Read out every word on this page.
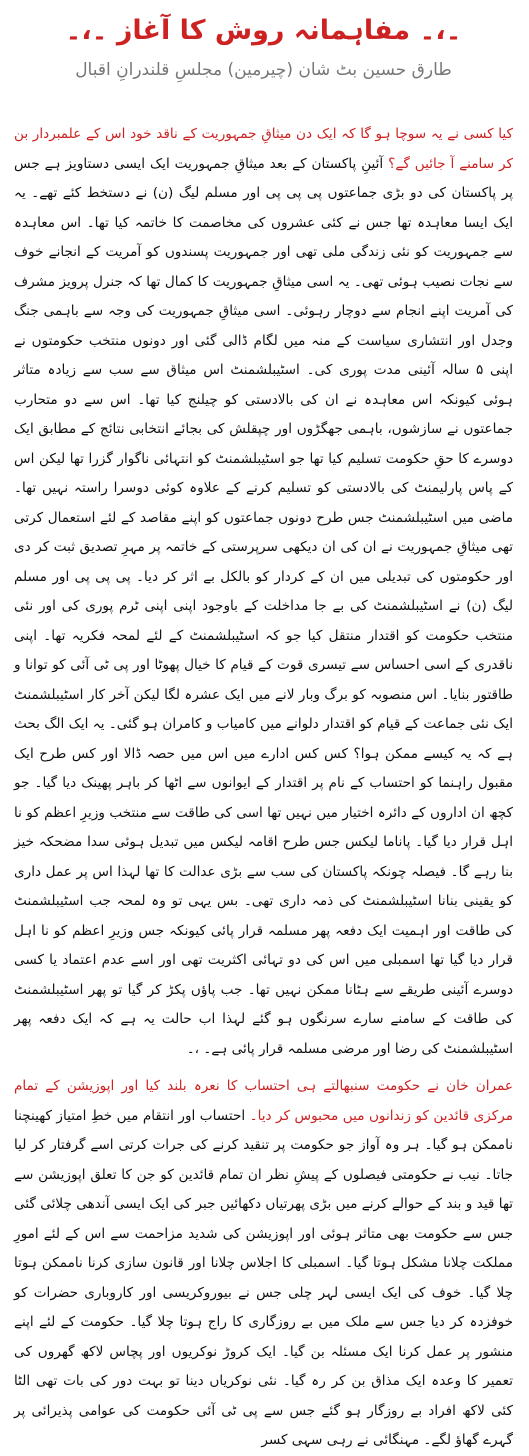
۔،۔ مفاہمانہ روش کا آغاز ۔،۔
طارق حسین بٹ شان (چیرمین) مجلسِ قلندرانِ اقبال

کیا کسی نے یہ سوچا ہو گا کہ ایک دن میثاقِ جمہوریت کے ناقد خود اس کے علمبردار بن کر سامنے آ جائیں گے؟ آئینِ پاکستان کے بعد میثاقِ جمہوریت ایک ایسی دستاویز ہے جس پر پاکستان کی دو بڑی جماعتوں پی پی پی اور مسلم لیگ (ن) نے دستخط کئے تھے۔ یہ ایک ایسا معاہدہ تھا جس نے کئی عشروں کی مخاصمت کا خاتمہ کیا تھا۔ اس معاہدہ سے جمہوریت کو نئی زندگی ملی تھی اور جمہوریت پسندوں کو آمریت کے انجانے خوف سے نجات نصیب ہوئی تھی۔ یہ اسی میثاقِ جمہوریت کا کمال تھا کہ جنرل پرویز مشرف کی آمریت اپنے انجام سے دوچار رہوئی۔ اسی میثاقِ جمہوریت کی وجہ سے باہمی جنگ وجدل اور انتشاری سیاست کے منہ میں لگام ڈالی گئی اور دونوں منتخب حکومتوں نے اپنی ۵ سالہ آئینی مدت پوری کی۔ اسٹیبلشمنٹ اس میثاق سے سب سے زیادہ متاثر ہوئی کیونکہ اس معاہدہ نے ان کی بالادستی کو چیلنج کیا تھا۔ اس سے دو متحارب جماعتوں نے سازشوں، باہمی جھگڑوں اور چپقلش کی بجائے انتخابی نتائج کے مطابق ایک دوسرے کا حقِ حکومت تسلیم کیا تھا جو اسٹیبلشمنٹ کو انتہائی ناگوار گزرا تھا لیکن اس کے پاس پارلیمنٹ کی بالادستی کو تسلیم کرنے کے علاوہ کوئی دوسرا راستہ نہیں تھا۔ ماضی میں اسٹیبلشمنٹ جس طرح دونوں جماعتوں کو اپنے مقاصد کے لئے استعمال کرتی تھی میثاقِ جمہوریت نے ان کی ان دیکھی سرپرستی کے خاتمہ پر مہرِ تصدیق ثبت کر دی اور حکومتوں کی تبدیلی میں ان کے کردار کو بالکل بے اثر کر دیا۔ پی پی پی اور مسلم لیگ (ن) نے اسٹیبلشمنٹ کی بے جا مداخلت کے باوجود اپنی اپنی ٹرم پوری کی اور نئی منتخب حکومت کو اقتدار منتقل کیا جو کہ اسٹیبلشمنٹ کے لئے لمحہ فکریہ تھا۔ اپنی ناقدری کے اسی احساس سے تیسری قوت کے قیام کا خیال پھوٹا اور پی ٹی آئی کو توانا و طاقتور بنایا۔ اس منصوبہ کو برگ وبار لانے میں ایک عشرہ لگا لیکن آخر کار اسٹیبلشمنٹ ایک نئی جماعت کے قیام کو اقتدار دلوانے میں کامیاب و کامران ہو گئی۔ یہ ایک الگ بحث ہے کہ یہ کیسے ممکن ہوا؟ کس کس ادارے میں اس میں حصہ ڈالا اور کس طرح ایک مقبول راہنما کو احتساب کے نام پر اقتدار کے ایوانوں سے اٹھا کر باہر پھینک دیا گیا۔ جو کچھ ان اداروں کے دائرہ اختیار میں نہیں تھا اسی کی طاقت سے منتخب وزیرِ اعظم کو نا اہل قرار دیا گیا۔ پاناما لیکس جس طرح اقامہ لیکس میں تبدیل ہوئی سدا مضحکہ خیز بنا رہے گا۔ فیصلہ چونکہ پاکستان کی سب سے بڑی عدالت کا تھا لہذا اس پر عمل داری کو یقینی بنانا اسٹیبلشمنٹ کی ذمہ داری تھی۔ بس یہی تو وہ لمحہ جب اسٹیبلشمنٹ کی طاقت اور اہمیت ایک دفعہ پھر مسلمہ قرار پائی کیونکہ جس وزیرِ اعظم کو نا اہل قرار دیا گیا تھا اسمبلی میں اس کی دو تہائی اکثریت تھی اور اسے عدم اعتماد یا کسی دوسرے آئینی طریقے سے ہٹانا ممکن نہیں تھا۔ جب پاؤں پکڑ کر گیا تو پھر اسٹیبلشمنٹ کی طاقت کے سامنے سارے سرنگوں ہو گئے لہذا اب حالت یہ ہے کہ ایک دفعہ پھر اسٹیبلشمنٹ کی رضا اور مرضی مسلمہ قرار پائی ہے۔ ،۔

عمران خان نے حکومت سنبھالتے ہی احتساب کا نعرہ بلند کیا اور اپوزیشن کے تمام مرکزی قائدین کو زندانوں میں محبوس کر دیا۔ احتساب اور انتقام میں خطِ امتیاز کھینچنا ناممکن ہو گیا۔ ہر وہ آواز جو حکومت پر تنقید کرنے کی جرات کرتی اسے گرفتار کر لیا جاتا۔ نیب نے حکومتی فیصلوں کے پیشِ نظر ان تمام قائدین کو جن کا تعلق اپوزیشن سے تھا قید و بند کے حوالے کرنے میں بڑی پھرتیاں دکھائیں جبر کی ایک ایسی آندھی چلائی گئی جس سے حکومت بھی متاثر ہوئی اور اپوزیشن کی شدید مزاحمت سے اس کے لئے امورِ مملکت چلانا مشکل ہوتا گیا۔ اسمبلی کا اجلاس چلانا اور قانون سازی کرنا ناممکن ہوتا چلا گیا۔ خوف کی ایک ایسی لہر چلی جس نے بیوروکریسی اور کاروباری حضرات کو خوفزدہ کر دیا جس سے ملک میں بے روزگاری کا راج ہوتا چلا گیا۔ حکومت کے لئے اپنے منشور پر عمل کرنا ایک مسئلہ بن گیا۔ ایک کروڑ نوکریوں اور پچاس لاکھ گھروں کی تعمیر کا وعدہ ایک مذاق بن کر رہ گیا۔ نئی نوکریاں دینا تو بہت دور کی بات تھی الٹا کئی لاکھ افراد بے روزگار ہو گئے جس سے پی ٹی آئی حکومت کی عوامی پذیرائی پر گہرے گھاؤ لگے۔ مہنگائی نے رہی سہی کسر
